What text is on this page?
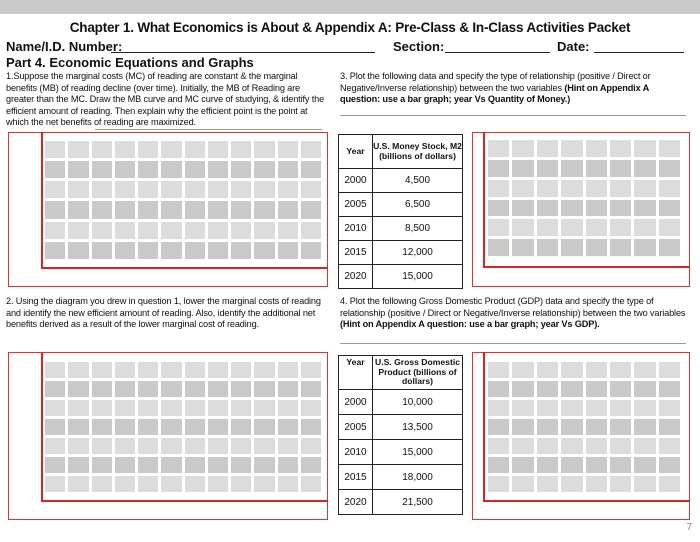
Chapter 1. What Economics is About & Appendix A: Pre-Class & In-Class Activities Packet
Name/I.D. Number:	Section:	Date:
Part 4. Economic Equations and Graphs
1.Suppose the marginal costs (MC) of reading are constant & the marginal benefits (MB) of reading decline (over time). Initially, the MB of Reading are greater than the MC. Draw the MB curve and MC curve of studying, & identify the efficient amount of reading. Then explain why the efficient point is the point at which the net benefits of reading are maximized.
3. Plot the following data and specify the type of relationship (positive / Direct or Negative/Inverse relationship) between the two variables (Hint on Appendix A question: use a bar graph; year Vs Quantity of Money.)
Year	U.S. Money Stock, M2 (billions of dollars)
2000	4,500
2005	6,500
2010	8,500
2015	12,000
2020	15,000
2. Using the diagram you drew in question 1, lower the marginal costs of reading and identify the new efficient amount of reading. Also, identify the additional net benefits derived as a result of the lower marginal cost of reading.
4. Plot the following Gross Domestic Product (GDP) data and specify the type of relationship (positive / Direct or Negative/Inverse relationship) between the two variables (Hint on Appendix A question: use a bar graph; year Vs GDP).
Year	U.S. Gross Domestic Product (billions of dollars)
2000	10,000
2005	13,500
2010	15,000
2015	18,000
2020	21,500
7
